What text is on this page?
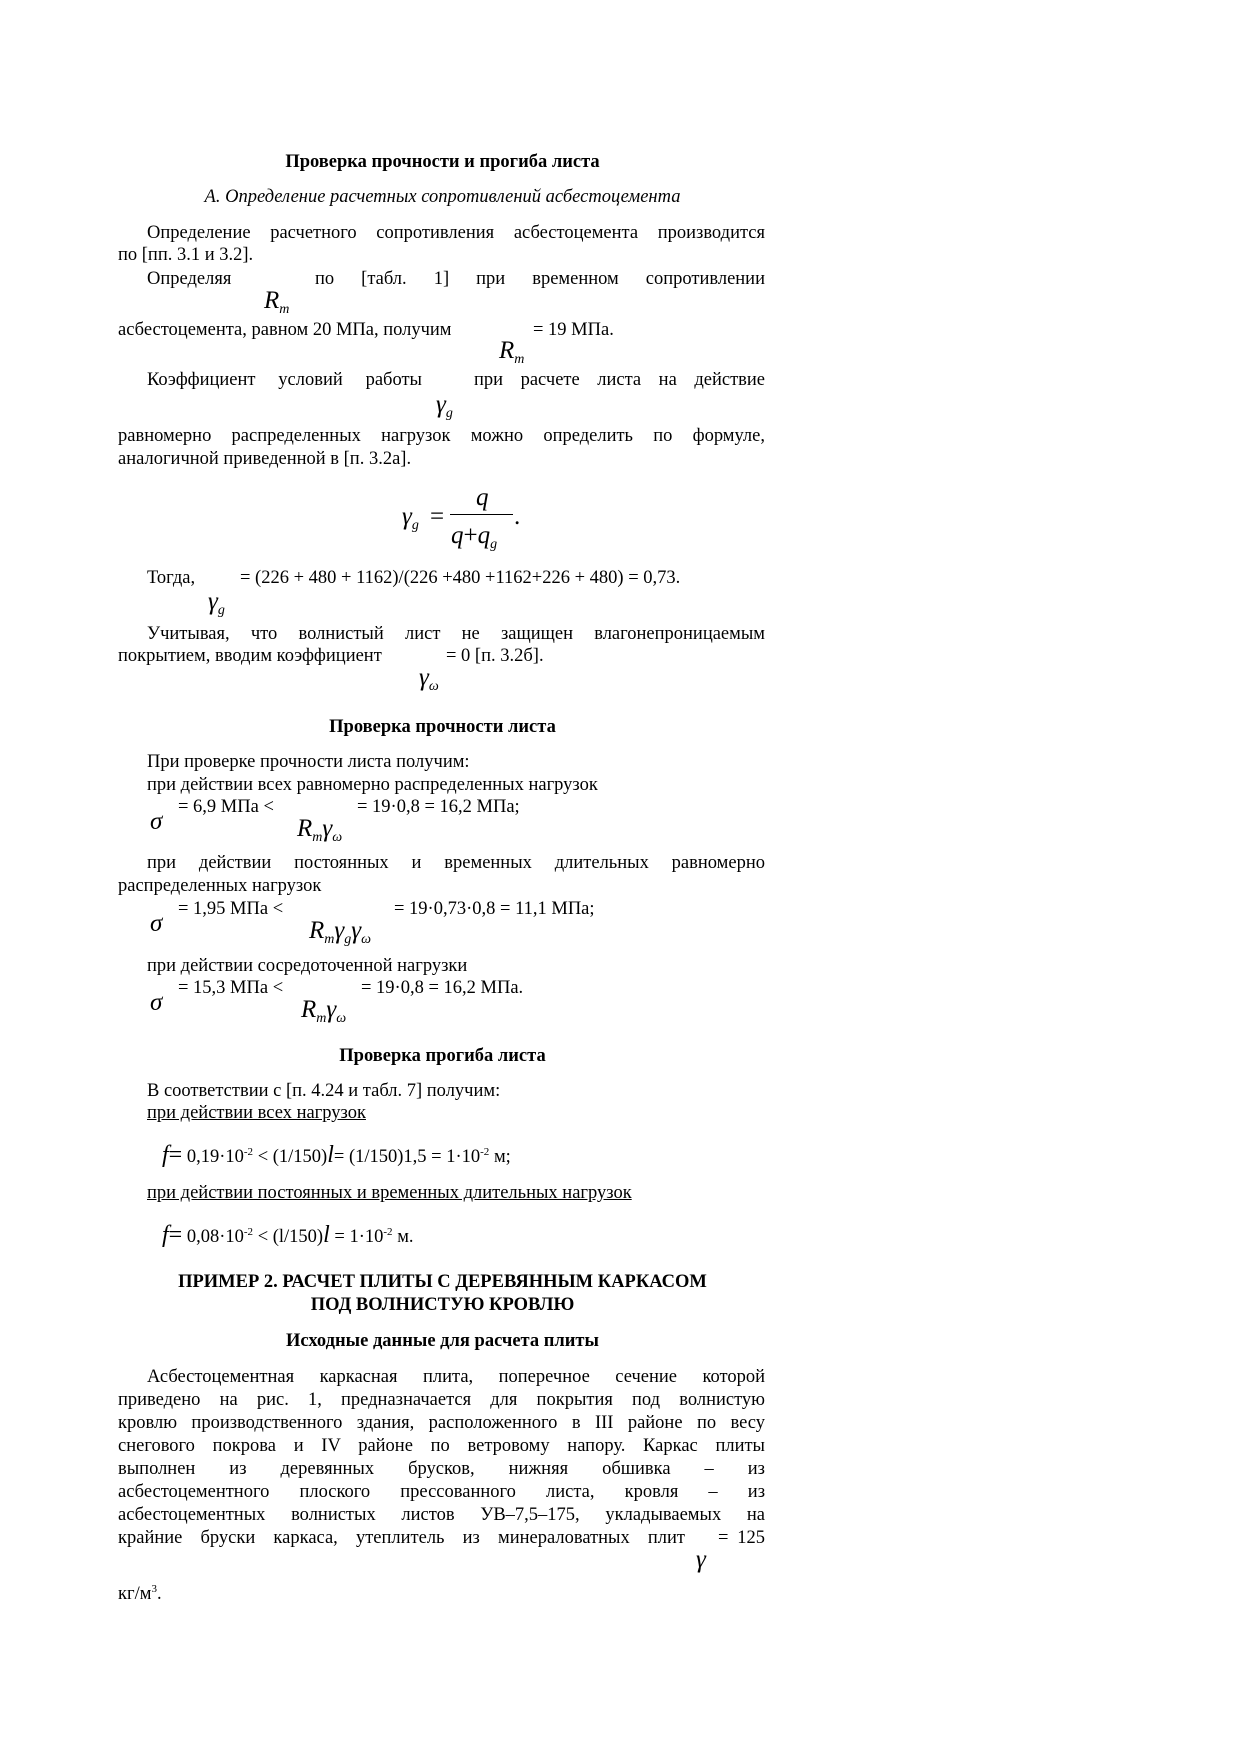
Проверка прочности и прогиба листа
А. Определение расчетных сопротивлений асбестоцемента
Определение расчетного сопротивления асбестоцемента производится
по [пп. 3.1 и 3.2].
Определяя	по [табл. 1] при временном сопротивлении
$R_m$
асбестоцемента, равном 20 МПа, получим	= 19 МПа.
$R_m$
Коэффициент условий работы	при расчете листа на действие
$\gamma_g$
равномерно распределенных нагрузок можно определить по формуле,
аналогичной приведенной в [п. 3.2а].
$\gamma_g$ =
q
$q+q_g$
.
Тогда, = (226 + 480 + 1162)/(226 +480 +1162+226 + 480) = 0,73.
$\gamma_g$
Учитывая, что волнистый лист не защищен влагонепроницаемым
покрытием, вводим коэффициент	= 0 [п. 3.2б].
$\gamma_\omega$
Проверка прочности листа
При проверке прочности листа получим:
при действии всех равномерно распределенных нагрузок
σ
= 6,9 МПа <	= 19·0,8 = 16,2 МПа;
$R_m\gamma_\omega$
при действии постоянных и временных длительных равномерно
распределенных нагрузок
σ
= 1,95 МПа <	= 19·0,73·0,8 = 11,1 МПа;
$R_m\gamma_g\gamma_\omega$
при действии сосредоточенной нагрузки
σ
= 15,3 МПа <	= 19·0,8 = 16,2 МПа.
$R_m\gamma_\omega$
Проверка прогиба листа
В соответствии с [п. 4.24 и табл. 7] получим:
при действии всех нагрузок
$f= 0,19\cdot 10^{-2} < (1/150)l= (1/150)1,5 = 1\cdot 10^{-2}$ м;
при действии постоянных и временных длительных нагрузок
$f= 0,08\cdot 10^{-2} < (l/150)l = 1\cdot 10^{-2}$ м.
ПРИМЕР 2. РАСЧЕТ ПЛИТЫ С ДЕРЕВЯННЫМ КАРКАСОМ
ПОД ВОЛНИСТУЮ КРОВЛЮ
Исходные данные для расчета плиты
Асбестоцементная каркасная плита, поперечное сечение которой
приведено на рис. 1, предназначается для покрытия под волнистую
кровлю производственного здания, расположенного в III районе по весу
снегового покрова и IV районе по ветровому напору. Каркас плиты
выполнен из деревянных брусков, нижняя обшивка – из
асбестоцементного плоского прессованного листа, кровля – из
асбестоцементных волнистых листов УВ–7,5–175, укладываемых на
крайние бруски каркаса, утеплитель из минераловатных плит = 125
γ
$кг/м^3$.
